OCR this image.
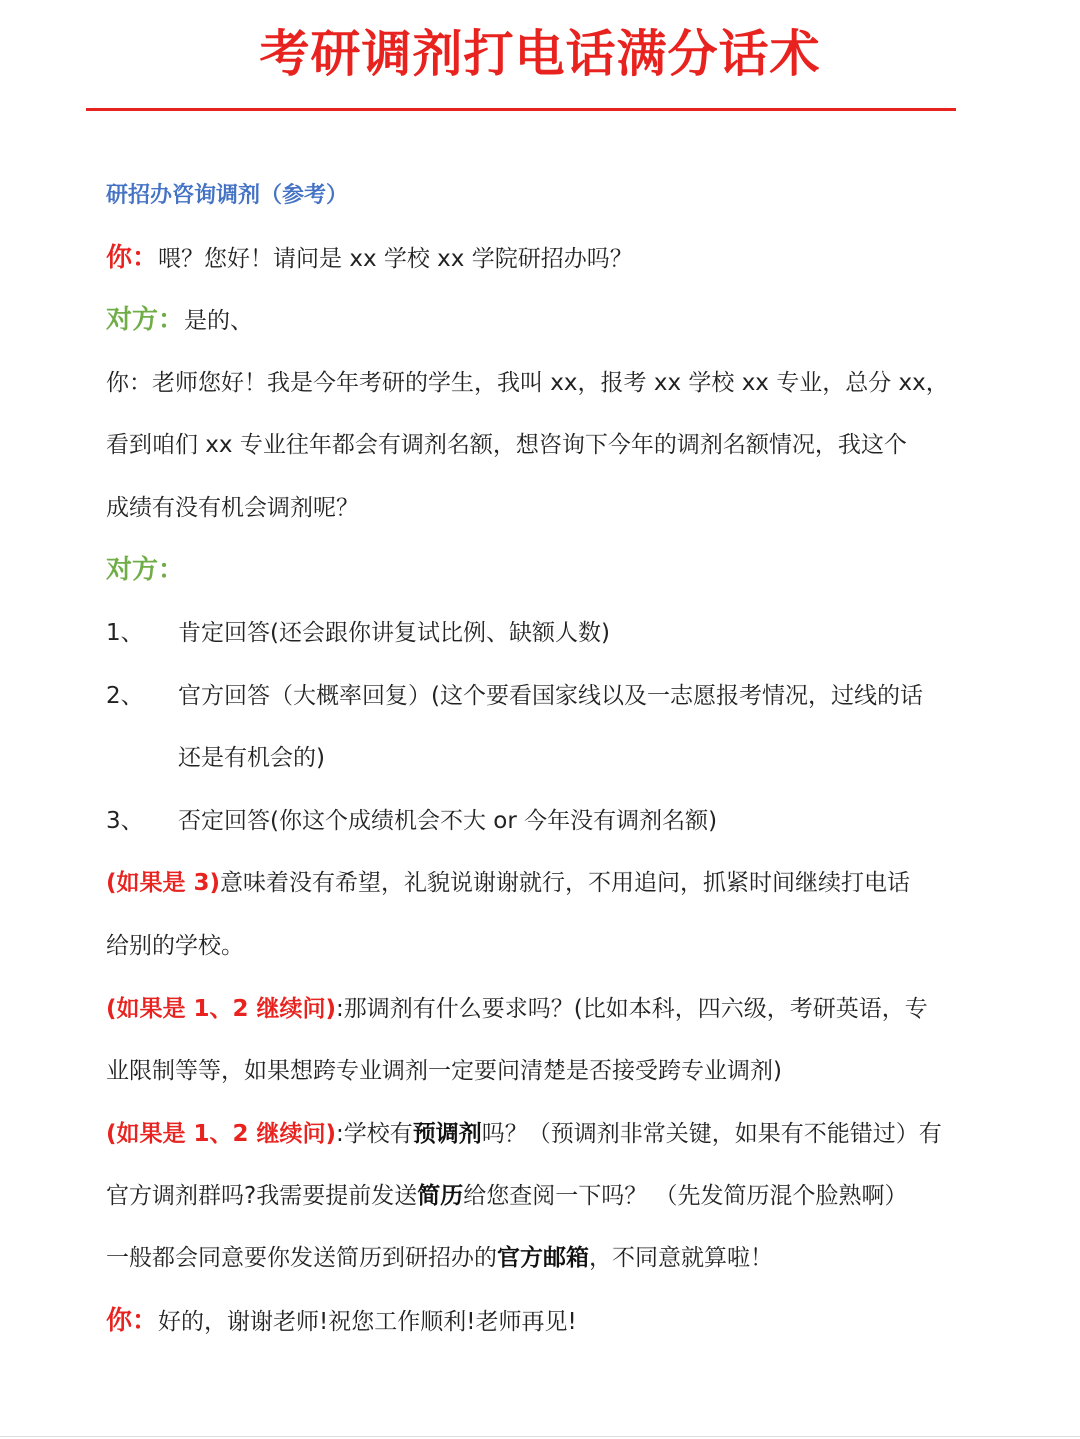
考研调剂打电话满分话术
研招办咨询调剂（参考）
你：喂？您好！请问是 xx 学校 xx 学院研招办吗？
对方：是的、
你：老师您好！我是今年考研的学生，我叫 xx，报考 xx 学校 xx 专业，总分 xx，
看到咱们 xx 专业往年都会有调剂名额，想咨询下今年的调剂名额情况，我这个
成绩有没有机会调剂呢？
对方：
1、 肯定回答(还会跟你讲复试比例、缺额人数)
2、 官方回答（大概率回复）(这个要看国家线以及一志愿报考情况，过线的话
还是有机会的)
3、 否定回答(你这个成绩机会不大 or 今年没有调剂名额)
(如果是 3)意味着没有希望，礼貌说谢谢就行，不用追问，抓紧时间继续打电话
给别的学校。
(如果是 1、2 继续问):那调剂有什么要求吗？(比如本科，四六级，考研英语，专
业限制等等，如果想跨专业调剂一定要问清楚是否接受跨专业调剂)
(如果是 1、2 继续问):学校有预调剂吗？（预调剂非常关键，如果有不能错过）有
官方调剂群吗?我需要提前发送简历给您查阅一下吗？ （先发简历混个脸熟啊）
一般都会同意要你发送简历到研招办的官方邮箱，不同意就算啦！
你：好的，谢谢老师!祝您工作顺利!老师再见!
